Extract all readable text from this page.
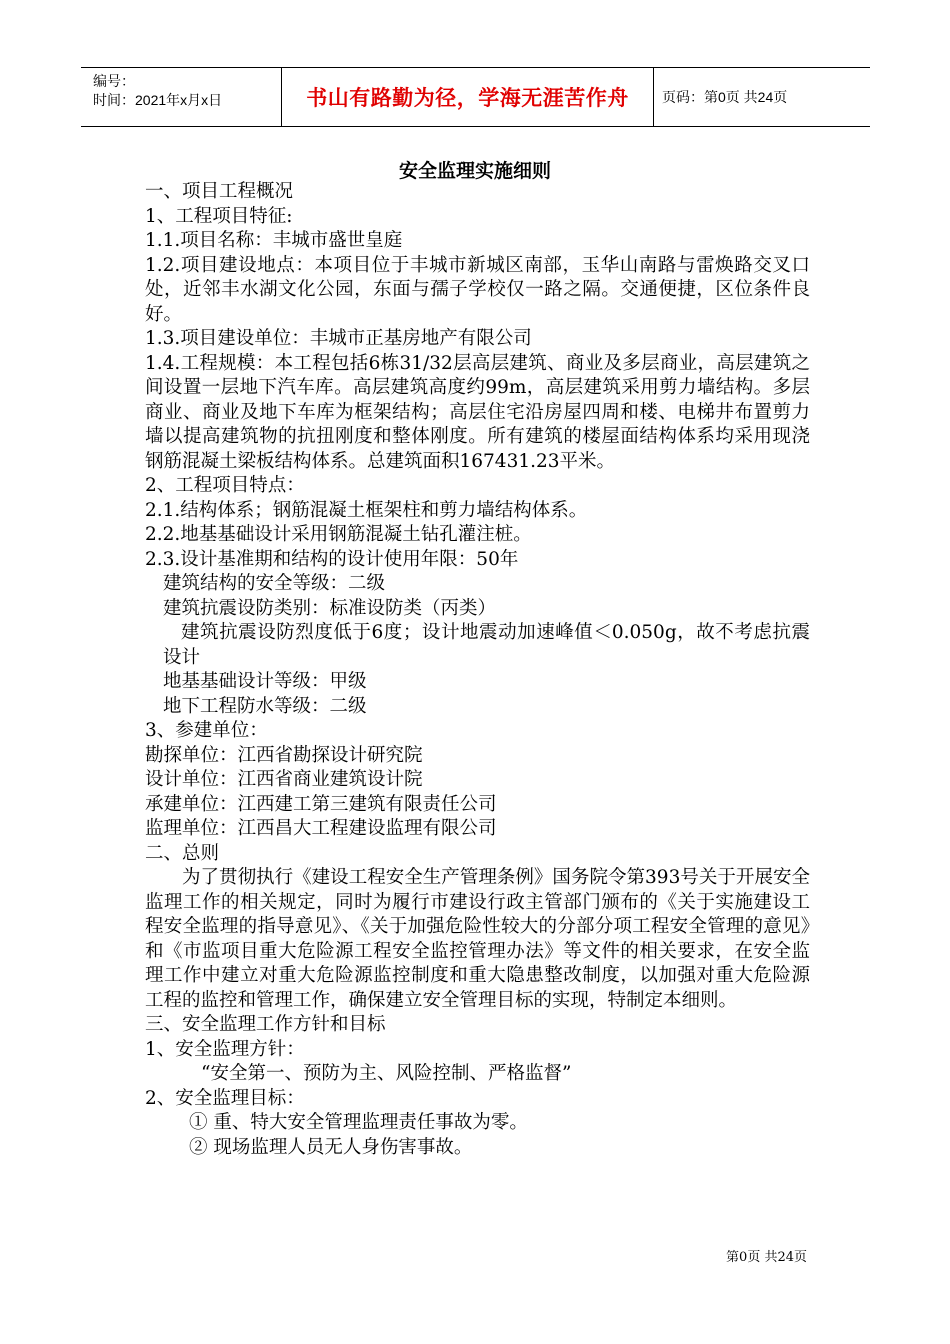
编号：
时间：2021年x月x日	书山有路勤为径，学海无涯苦作舟	页码：第0页 共24页
安全监理实施细则

一、项目工程概况

1、工程项目特征:

1.1.项目名称：丰城市盛世皇庭

1.2.项目建设地点：本项目位于丰城市新城区南部，玉华山南路与雷焕路交叉口处，近邻丰水湖文化公园，东面与孺子学校仅一路之隔。交通便捷，区位条件良好。

1.3.项目建设单位：丰城市正基房地产有限公司

1.4.工程规模：本工程包括6栋31/32层高层建筑、商业及多层商业，高层建筑之间设置一层地下汽车库。高层建筑高度约99m，高层建筑采用剪力墙结构。多层商业、商业及地下车库为框架结构；高层住宅沿房屋四周和楼、电梯井布置剪力墙以提高建筑物的抗扭刚度和整体刚度。所有建筑的楼屋面结构体系均采用现浇钢筋混凝土梁板结构体系。总建筑面积167431.23平米。

2、工程项目特点：

2.1.结构体系；钢筋混凝土框架柱和剪力墙结构体系。

2.2.地基基础设计采用钢筋混凝土钻孔灌注桩。

2.3.设计基准期和结构的设计使用年限：50年

建筑结构的安全等级：二级

建筑抗震设防类别：标准设防类（丙类）

建筑抗震设防烈度低于6度；设计地震动加速峰值＜0.050g，故不考虑抗震设计

地基基础设计等级：甲级

地下工程防水等级：二级

3、参建单位：

勘探单位：江西省勘探设计研究院

设计单位：江西省商业建筑设计院

承建单位：江西建工第三建筑有限责任公司

监理单位：江西昌大工程建设监理有限公司

二、总则

为了贯彻执行《建设工程安全生产管理条例》国务院令第393号关于开展安全监理工作的相关规定，同时为履行市建设行政主管部门颁布的《关于实施建设工程安全监理的指导意见》、《关于加强危险性较大的分部分项工程安全管理的意见》和《市监项目重大危险源工程安全监控管理办法》等文件的相关要求，在安全监理工作中建立对重大危险源监控制度和重大隐患整改制度，以加强对重大危险源工程的监控和管理工作，确保建立安全管理目标的实现，特制定本细则。

三、安全监理工作方针和目标

1、安全监理方针：

“安全第一、预防为主、风险控制、严格监督”

2、安全监理目标：

① 重、特大安全管理监理责任事故为零。

② 现场监理人员无人身伤害事故。

第0页 共24页
